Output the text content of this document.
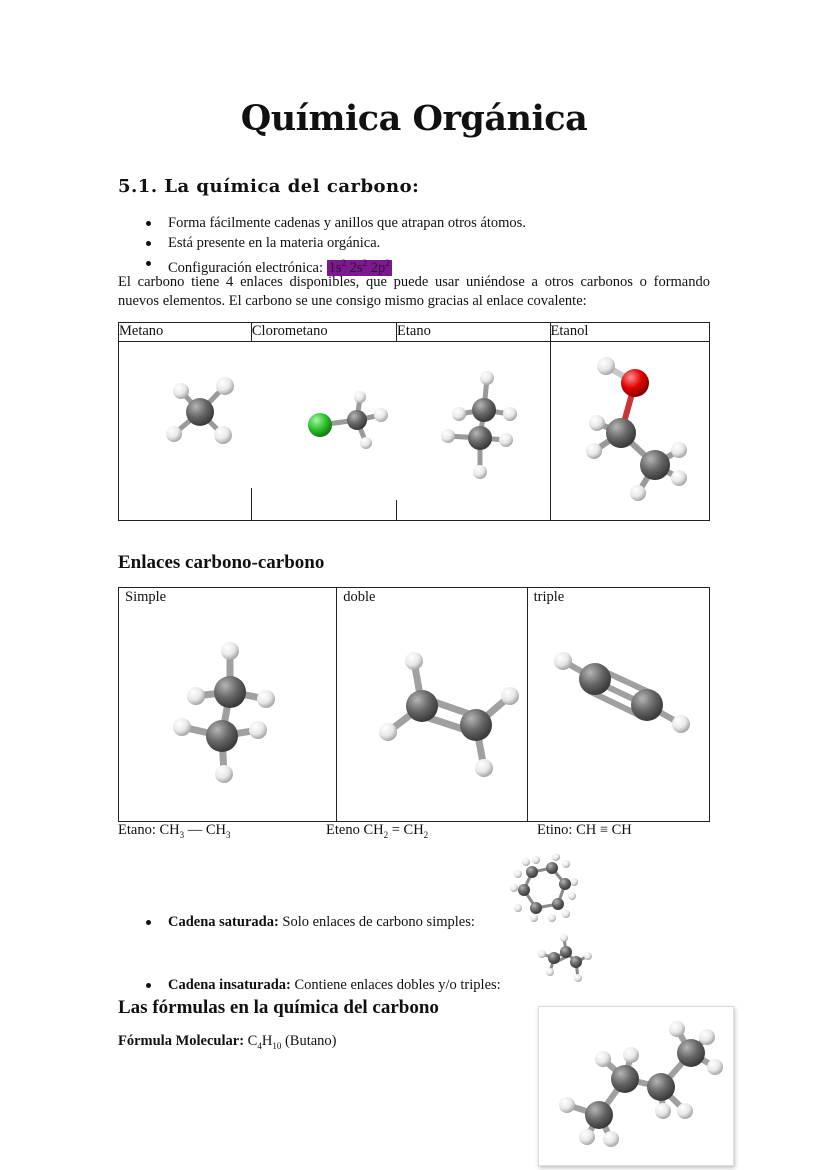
Química Orgánica
5.1. La química del carbono:
Forma fácilmente cadenas y anillos que atrapan otros átomos.
Está presente en la materia orgánica.
Configuración electrónica: $1s^2$ $2s^2$ $2p^2$
El carbono tiene 4 enlaces disponibles, que puede usar uniéndose a otros carbonos o formando nuevos elementos. El carbono se une consigo mismo gracias al enlace covalente:
Metano	Clorometano	Etano	Etanol

Enlaces carbono-carbono
Simple	doble	triple
Etano: $CH_3$ — $CH_3$	Eteno $CH_2 = CH_2$	Etino: CH ≡ CH
Cadena saturada: Solo enlaces de carbono simples:
Cadena insaturada: Contiene enlaces dobles y/o triples:
Las fórmulas en la química del carbono
Fórmula Molecular: $C_4H_{10}$ (Butano)
